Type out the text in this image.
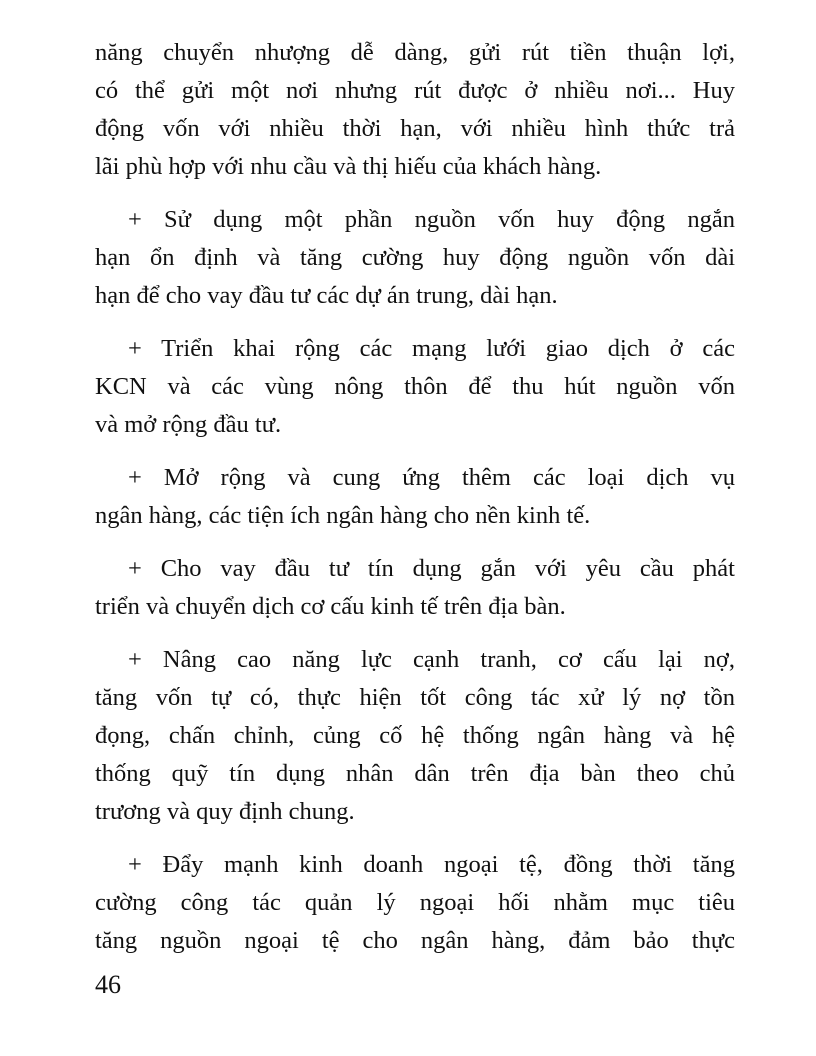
năng chuyển nhượng dễ dàng, gửi rút tiền thuận lợi,
có thể gửi một nơi nhưng rút được ở nhiều nơi... Huy
động vốn với nhiều thời hạn, với nhiều hình thức trả
lãi phù hợp với nhu cầu và thị hiếu của khách hàng.

+ Sử dụng một phần nguồn vốn huy động ngắn
hạn ổn định và tăng cường huy động nguồn vốn dài
hạn để cho vay đầu tư các dự án trung, dài hạn.

+ Triển khai rộng các mạng lưới giao dịch ở các
KCN và các vùng nông thôn để thu hút nguồn vốn
và mở rộng đầu tư.

+ Mở rộng và cung ứng thêm các loại dịch vụ
ngân hàng, các tiện ích ngân hàng cho nền kinh tế.

+ Cho vay đầu tư tín dụng gắn với yêu cầu phát
triển và chuyển dịch cơ cấu kinh tế trên địa bàn.

+ Nâng cao năng lực cạnh tranh, cơ cấu lại nợ,
tăng vốn tự có, thực hiện tốt công tác xử lý nợ tồn
đọng, chấn chỉnh, củng cố hệ thống ngân hàng và hệ
thống quỹ tín dụng nhân dân trên địa bàn theo chủ
trương và quy định chung.

+ Đẩy mạnh kinh doanh ngoại tệ, đồng thời tăng
cường công tác quản lý ngoại hối nhằm mục tiêu
tăng nguồn ngoại tệ cho ngân hàng, đảm bảo thực

46
